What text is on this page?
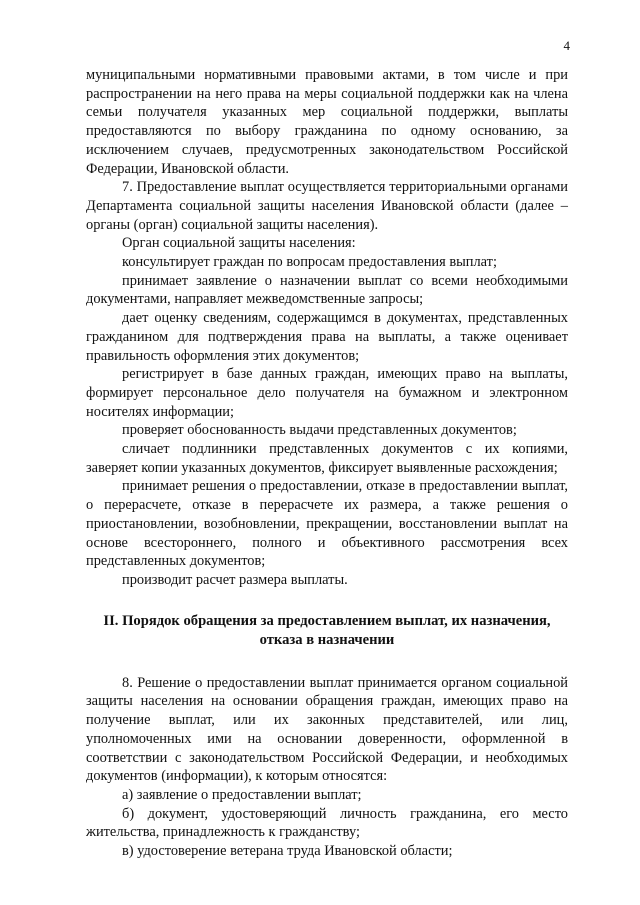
4

муниципальными нормативными правовыми актами, в том числе и при распространении на него права на меры социальной поддержки как на члена семьи получателя указанных мер социальной поддержки, выплаты предоставляются по выбору гражданина по одному основанию, за исключением случаев, предусмотренных законодательством Российской Федерации, Ивановской области.

7. Предоставление выплат осуществляется территориальными органами Департамента социальной защиты населения Ивановской области (далее – органы (орган) социальной защиты населения).

Орган социальной защиты населения:

консультирует граждан по вопросам предоставления выплат;

принимает заявление о назначении выплат со всеми необходимыми документами, направляет межведомственные запросы;

дает оценку сведениям, содержащимся в документах, представленных гражданином для подтверждения права на выплаты, а также оценивает правильность оформления этих документов;

регистрирует в базе данных граждан, имеющих право на выплаты, формирует персональное дело получателя на бумажном и электронном носителях информации;

проверяет обоснованность выдачи представленных документов;

сличает подлинники представленных документов с их копиями, заверяет копии указанных документов, фиксирует выявленные расхождения;

принимает решения о предоставлении, отказе в предоставлении выплат, о перерасчете, отказе в перерасчете их размера, а также решения о приостановлении, возобновлении, прекращении, восстановлении выплат на основе всестороннего, полного и объективного рассмотрения всех представленных документов;

производит расчет размера выплаты.

II. Порядок обращения за предоставлением выплат, их назначения,
отказа в назначении

8. Решение о предоставлении выплат принимается органом социальной защиты населения на основании обращения граждан, имеющих право на получение выплат, или их законных представителей, или лиц, уполномоченных ими на основании доверенности, оформленной в соответствии с законодательством Российской Федерации, и необходимых документов (информации), к которым относятся:

а) заявление о предоставлении выплат;

б) документ, удостоверяющий личность гражданина, его место жительства, принадлежность к гражданству;

в) удостоверение ветерана труда Ивановской области;
